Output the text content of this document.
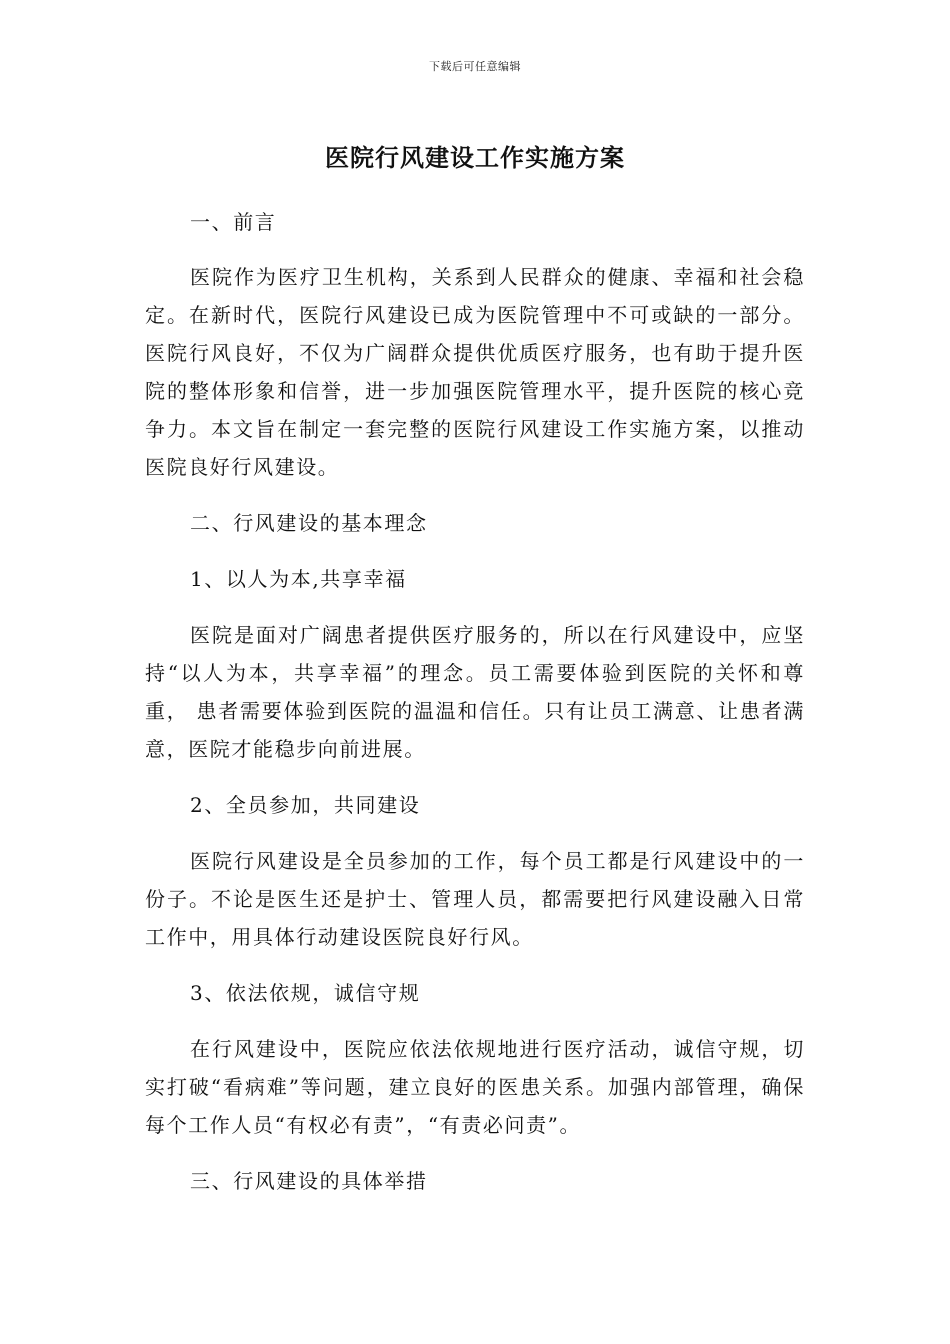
下载后可任意编辑
医院行风建设工作实施方案

一、前言

医院作为医疗卫生机构，关系到人民群众的健康、幸福和社会稳定。在新时代，医院行风建设已成为医院管理中不可或缺的一部分。医院行风良好，不仅为广阔群众提供优质医疗服务，也有助于提升医院的整体形象和信誉，进一步加强医院管理水平，提升医院的核心竞争力。本文旨在制定一套完整的医院行风建设工作实施方案，以推动医院良好行风建设。

二、行风建设的基本理念

1、以人为本,共享幸福

医院是面对广阔患者提供医疗服务的，所以在行风建设中，应坚持“以人为本，共享幸福”的理念。员工需要体验到医院的关怀和尊重， 患者需要体验到医院的温温和信任。只有让员工满意、让患者满意，医院才能稳步向前进展。

2、全员参加，共同建设

医院行风建设是全员参加的工作，每个员工都是行风建设中的一份子。不论是医生还是护士、管理人员，都需要把行风建设融入日常工作中，用具体行动建设医院良好行风。

3、依法依规，诚信守规

在行风建设中，医院应依法依规地进行医疗活动，诚信守规，切实打破“看病难”等问题，建立良好的医患关系。加强内部管理，确保每个工作人员“有权必有责”，“有责必问责”。

三、行风建设的具体举措
